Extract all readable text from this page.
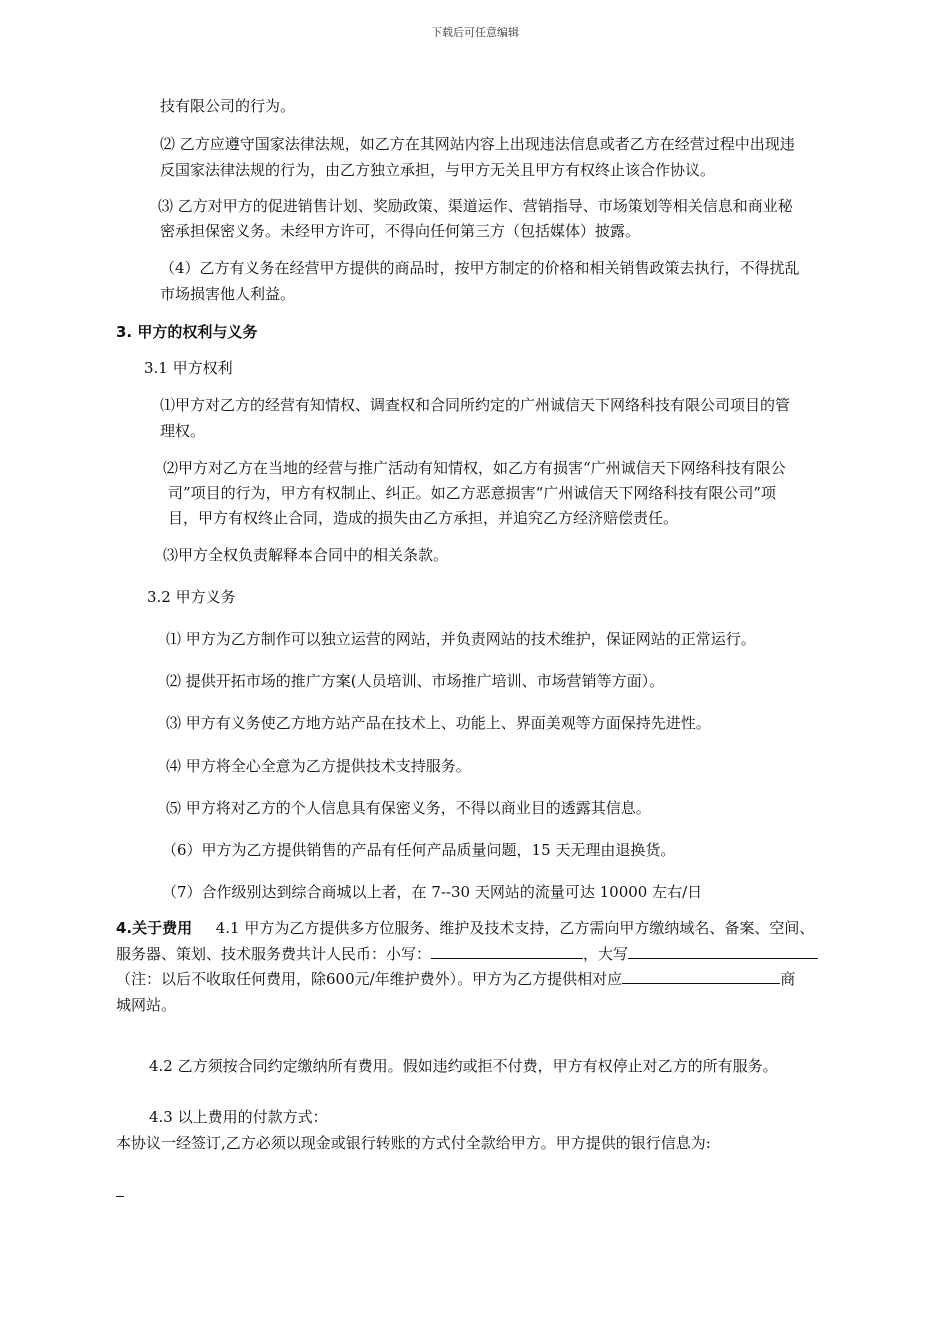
下载后可任意编辑
技有限公司的行为。
⑵ 乙方应遵守国家法律法规，如乙方在其网站内容上出现违法信息或者乙方在经营过程中出现违
反国家法律法规的行为，由乙方独立承担，与甲方无关且甲方有权终止该合作协议。
⑶ 乙方对甲方的促进销售计划、奖励政策、渠道运作、营销指导、市场策划等相关信息和商业秘
密承担保密义务。未经甲方许可，不得向任何第三方（包括媒体）披露。
（4）乙方有义务在经营甲方提供的商品时，按甲方制定的价格和相关销售政策去执行，不得扰乱
市场损害他人利益。
3. 甲方的权利与义务
3.1 甲方权利
⑴甲方对乙方的经营有知情权、调查权和合同所约定的广州诚信天下网络科技有限公司项目的管
理权。
⑵甲方对乙方在当地的经营与推广活动有知情权，如乙方有损害“广州诚信天下网络科技有限公
司”项目的行为，甲方有权制止、纠正。如乙方恶意损害“广州诚信天下网络科技有限公司”项
目，甲方有权终止合同，造成的损失由乙方承担，并追究乙方经济赔偿责任。
⑶甲方全权负责解释本合同中的相关条款。
3.2 甲方义务
⑴ 甲方为乙方制作可以独立运营的网站，并负责网站的技术维护，保证网站的正常运行。
⑵ 提供开拓市场的推广方案(人员培训、市场推广培训、市场营销等方面）。
⑶ 甲方有义务使乙方地方站产品在技术上、功能上、界面美观等方面保持先进性。
⑷ 甲方将全心全意为乙方提供技术支持服务。
⑸ 甲方将对乙方的个人信息具有保密义务，不得以商业目的透露其信息。
（6）甲方为乙方提供销售的产品有任何产品质量问题，15 天无理由退换货。
（7）合作级别达到综合商城以上者，在 7--30 天网站的流量可达 10000 左右/日
4.关于费用 4.1 甲方为乙方提供多方位服务、维护及技术支持，乙方需向甲方缴纳域名、备案、空间、
服务器、策划、技术服务费共计人民币：小写：	，大写
（注：以后不收取任何费用，除600元/年维护费外）。甲方为乙方提供相对应	商
城网站。
4.2 乙方须按合同约定缴纳所有费用。假如违约或拒不付费，甲方有权停止对乙方的所有服务。
4.3 以上费用的付款方式：
本协议一经签订,乙方必须以现金或银行转账的方式付全款给甲方。甲方提供的银行信息为:
